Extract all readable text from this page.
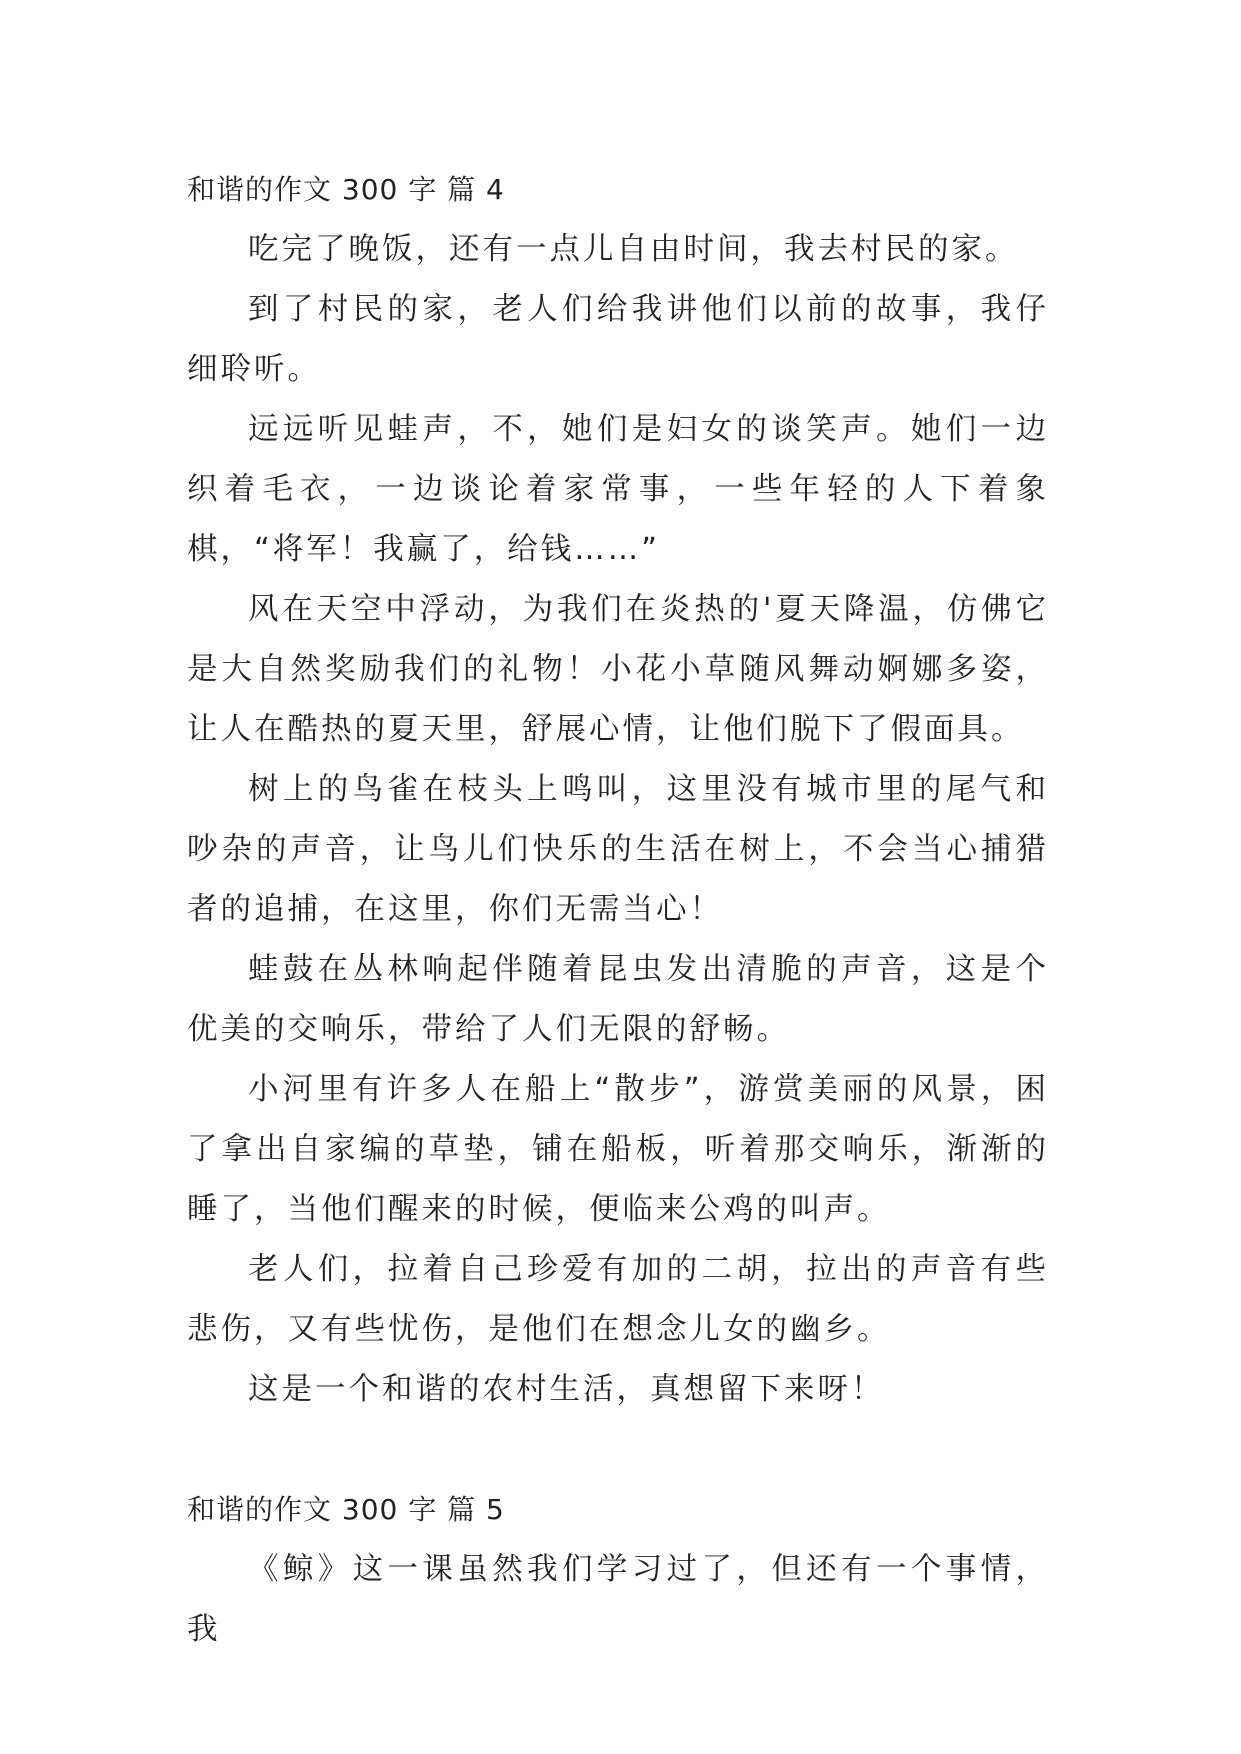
和谐的作文 300 字 篇 4

吃完了晚饭，还有一点儿自由时间，我去村民的家。

到了村民的家，老人们给我讲他们以前的故事，我仔细聆听。

远远听见蛙声，不，她们是妇女的谈笑声。她们一边织着毛衣，一边谈论着家常事，一些年轻的人下着象棋，“将军！我赢了，给钱……”

风在天空中浮动，为我们在炎热的'夏天降温，仿佛它是大自然奖励我们的礼物！小花小草随风舞动婀娜多姿，让人在酷热的夏天里，舒展心情，让他们脱下了假面具。

树上的鸟雀在枝头上鸣叫，这里没有城市里的尾气和吵杂的声音，让鸟儿们快乐的生活在树上，不会当心捕猎者的追捕，在这里，你们无需当心！

蛙鼓在丛林响起伴随着昆虫发出清脆的声音，这是个优美的交响乐，带给了人们无限的舒畅。

小河里有许多人在船上“散步”，游赏美丽的风景，困了拿出自家编的草垫，铺在船板，听着那交响乐，渐渐的睡了，当他们醒来的时候，便临来公鸡的叫声。

老人们，拉着自己珍爱有加的二胡，拉出的声音有些悲伤，又有些忧伤，是他们在想念儿女的幽乡。

这是一个和谐的农村生活，真想留下来呀！

和谐的作文 300 字 篇 5

《鲸》这一课虽然我们学习过了，但还有一个事情，我
